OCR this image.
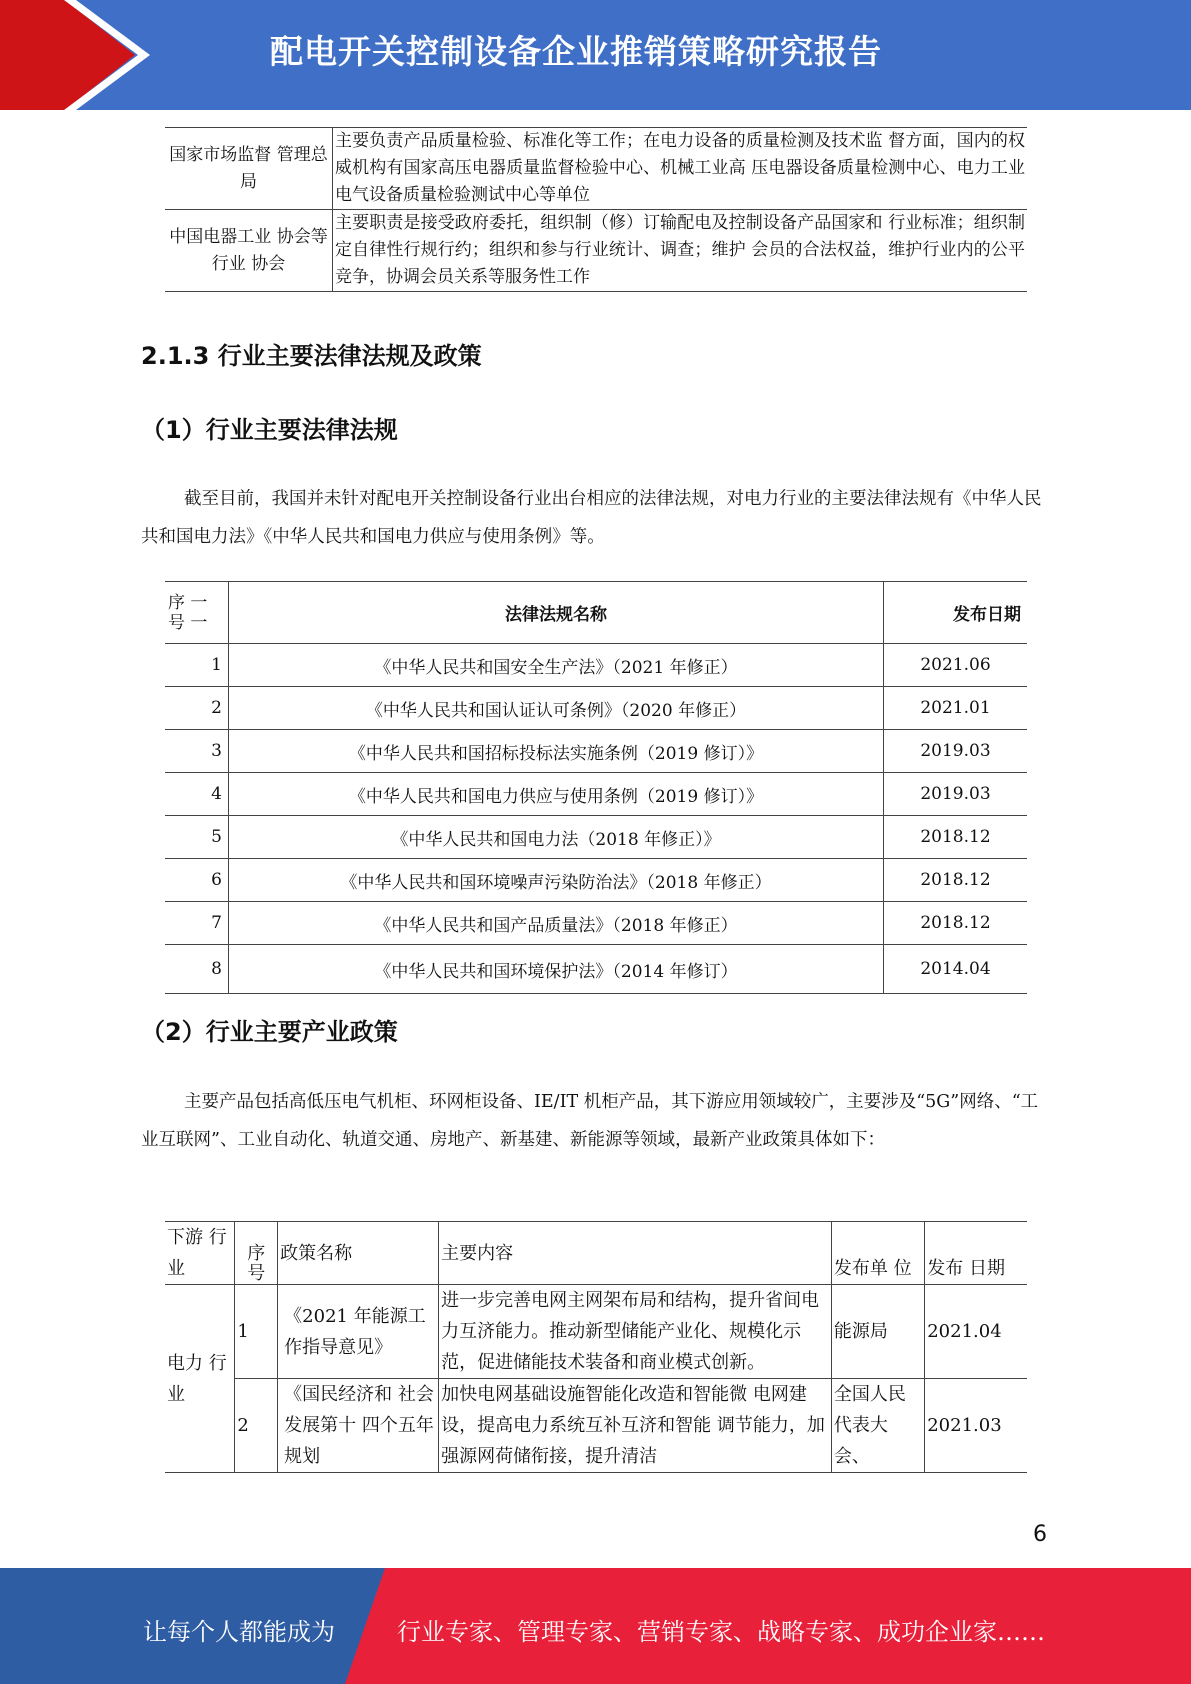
配电开关控制设备企业推销策略研究报告
国家市场监督 管理总局	主要负责产品质量检验、标准化等工作；在电力设备的质量检测及技术监 督方面，国内的权威机构有国家高压电器质量监督检验中心、机械工业高 压电器设备质量检测中心、电力工业电气设备质量检验测试中心等单位
中国电器工业 协会等行业 协会	主要职责是接受政府委托，组织制（修）订输配电及控制设备产品国家和 行业标准；组织制定自律性行规行约；组织和参与行业统计、调查；维护 会员的合法权益，维护行业内的公平竞争，协调会员关系等服务性工作
2.1.3 行业主要法律法规及政策
（1）行业主要法律法规

截至目前，我国并未针对配电开关控制设备行业出台相应的法律法规，对电力行业的主要法律法规有《中华人民共和国电力法》《中华人民共和国电力供应与使用条例》等。

序 一 号 一	法律法规名称	发布日期
1	《中华人民共和国安全生产法》（2021 年修正）	2021.06
2	《中华人民共和国认证认可条例》（2020 年修正）	2021.01
3	《中华人民共和国招标投标法实施条例（2019 修订）》	2019.03
4	《中华人民共和国电力供应与使用条例（2019 修订）》	2019.03
5	《中华人民共和国电力法（2018 年修正）》	2018.12
6	《中华人民共和国环境噪声污染防治法》（2018 年修正）	2018.12
7	《中华人民共和国产品质量法》（2018 年修正）	2018.12
8	《中华人民共和国环境保护法》（2014 年修订）	2014.04
（2）行业主要产业政策

主要产品包括高低压电气机柜、环网柜设备、IE/IT 机柜产品，其下游应用领域较广，主要涉及“5G”网络、“工业互联网”、工业自动化、轨道交通、房地产、新基建、新能源等领域，最新产业政策具体如下：

下游 行业	序 号	政策名称	主要内容	发布单 位	发布 日期
电力 行业	1	《2021 年能源工作指导意见》	进一步完善电网主网架布局和结构，提升省间电力互济能力。推动新型储能产业化、规模化示范，促进储能技术装备和商业模式创新。	能源局	2021.04
	2	《国民经济和 社会发展第十 四个五年规划	加快电网基础设施智能化改造和智能微 电网建设，提高电力系统互补互济和智能 调节能力，加强源网荷储衔接，提升清洁	全国人民代表大会、	2021.03
6
让每个人都能成为	行业专家、管理专家、营销专家、战略专家、成功企业家……
